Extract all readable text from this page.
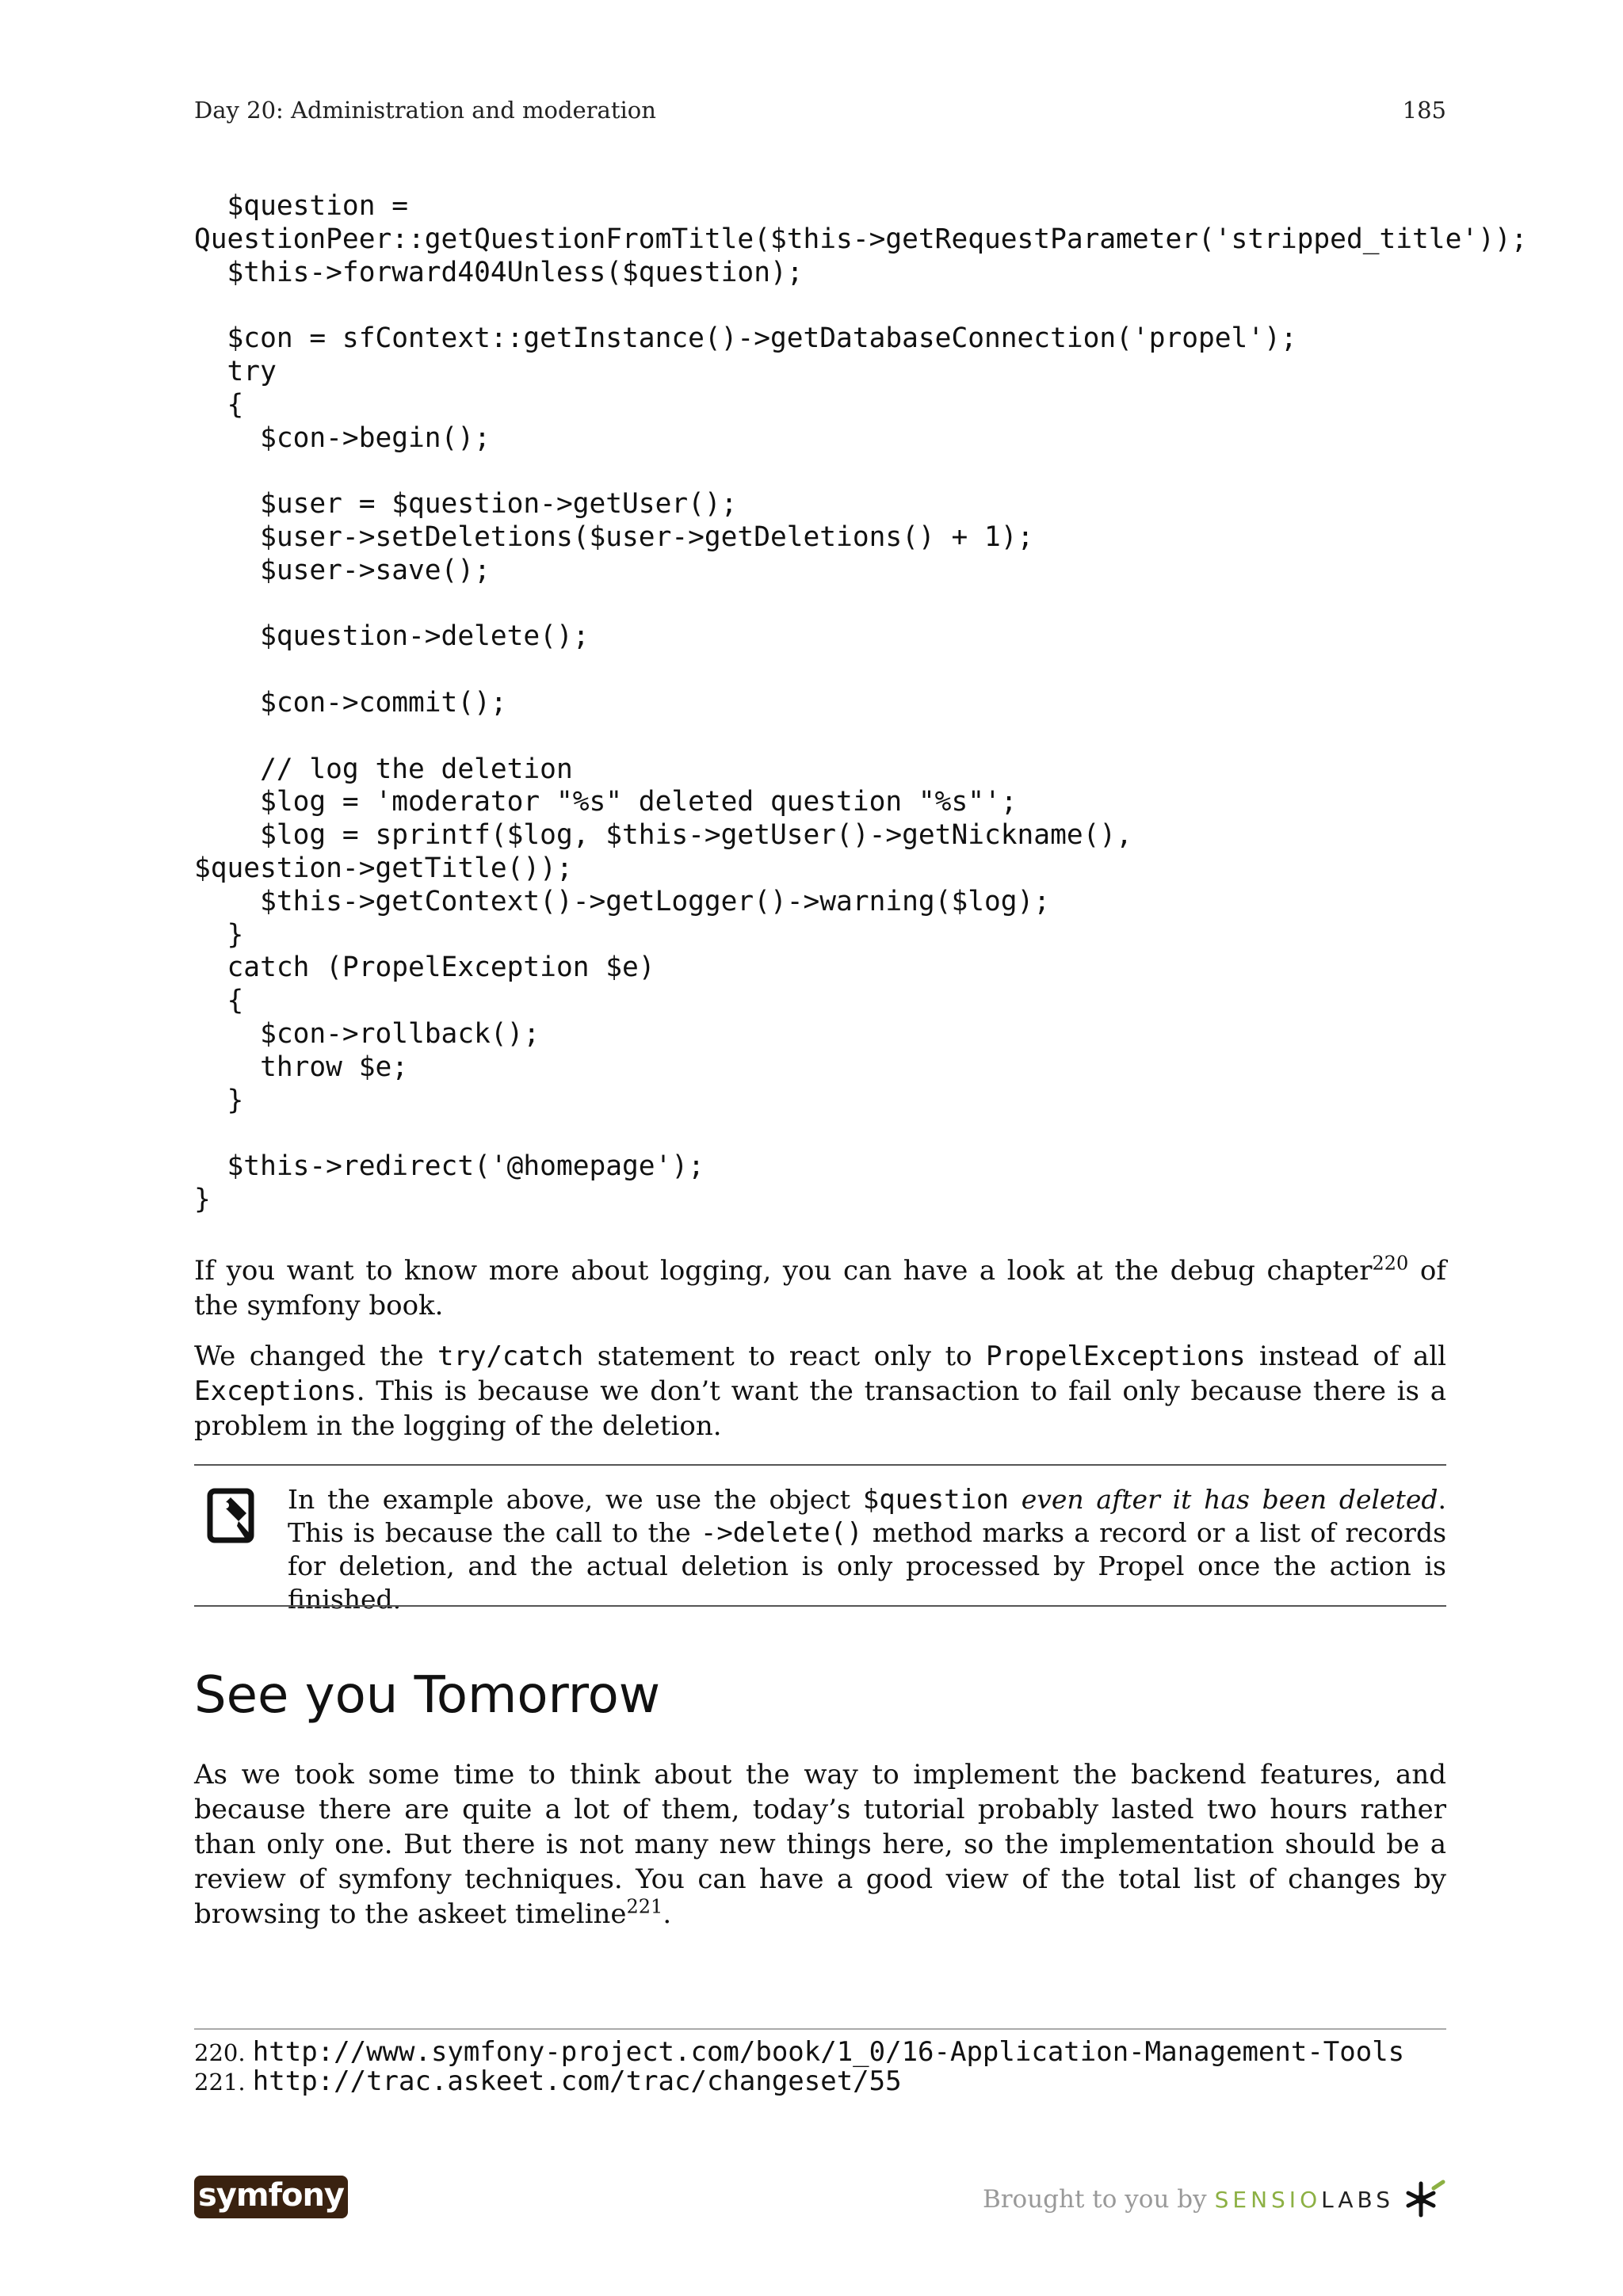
Day 20: Administration and moderation	185
$question =
QuestionPeer::getQuestionFromTitle($this->getRequestParameter('stripped_title'));
$this->forward404Unless($question);

$con = sfContext::getInstance()->getDatabaseConnection('propel');
try
{
$con->begin();

$user = $question->getUser();
$user->setDeletions($user->getDeletions() + 1);
$user->save();

$question->delete();

$con->commit();

// log the deletion
$log = 'moderator "%s" deleted question "%s"';
$log = sprintf($log, $this->getUser()->getNickname(),
$question->getTitle());
$this->getContext()->getLogger()->warning($log);
}
catch (PropelException $e)
{
$con->rollback();
throw $e;
}

$this->redirect('@homepage');
}

If you want to know more about logging, you can have a look at the debug chapter$^{220}$ of the symfony book.

We changed the try/catch statement to react only to PropelExceptions instead of all Exceptions. This is because we don’t want the transaction to fail only because there is a problem in the logging of the deletion.

In the example above, we use the object $question even after it has been deleted. This is because the call to the ->delete() method marks a record or a list of records for deletion, and the actual deletion is only processed by Propel once the action is finished.

See you Tomorrow

As we took some time to think about the way to implement the backend features, and because there are quite a lot of them, today’s tutorial probably lasted two hours rather than only one. But there is not many new things here, so the implementation should be a review of symfony techniques. You can have a good view of the total list of changes by browsing to the askeet timeline$^{221}$.

220. http://www.symfony-project.com/book/1_0/16-Application-Management-Tools
221. http://trac.askeet.com/trac/changeset/55
symfony	Brought to you by SENSIO LABS
